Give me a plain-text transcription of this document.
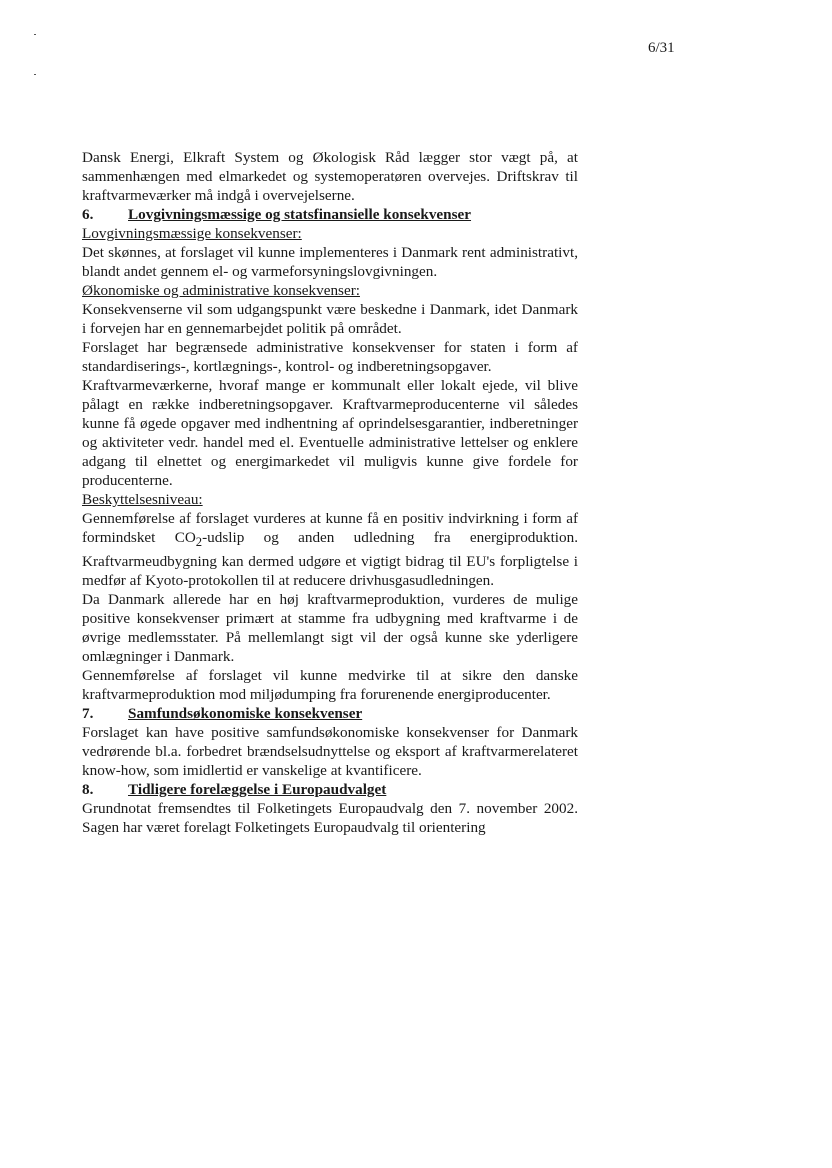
6/31

Dansk Energi, Elkraft System og Økologisk Råd lægger stor vægt på, at sammenhængen med elmarkedet og systemoperatøren overvejes. Driftskrav til kraftvarmeværker må indgå i overvejelserne.

6.	Lovgivningsmæssige og statsfinansielle konsekvenser

Lovgivningsmæssige konsekvenser:

Det skønnes, at forslaget vil kunne implementeres i Danmark rent administrativt, blandt andet gennem el- og varmeforsyningslovgivningen.

Økonomiske og administrative konsekvenser:

Konsekvenserne vil som udgangspunkt være beskedne i Danmark, idet Danmark i forvejen har en gennemarbejdet politik på området.

Forslaget har begrænsede administrative konsekvenser for staten i form af standardiserings-, kortlægnings-, kontrol- og indberetningsopgaver.

Kraftvarmeværkerne, hvoraf mange er kommunalt eller lokalt ejede, vil blive pålagt en række indberetningsopgaver. Kraftvarmeproducenterne vil således kunne få øgede opgaver med indhentning af oprindelsesgarantier, indberetninger og aktiviteter vedr. handel med el. Eventuelle administrative lettelser og enklere adgang til elnettet og energimarkedet vil muligvis kunne give fordele for producenterne.

Beskyttelsesniveau:

Gennemførelse af forslaget vurderes at kunne få en positiv indvirkning i form af formindsket $CO_2$-udslip og anden udledning fra energiproduktion. Kraftvarmeudbygning kan dermed udgøre et vigtigt bidrag til EU's forpligtelse i medfør af Kyoto-protokollen til at reducere drivhusgasudledningen.

Da Danmark allerede har en høj kraftvarmeproduktion, vurderes de mulige positive konsekvenser primært at stamme fra udbygning med kraftvarme i de øvrige medlemsstater. På mellemlangt sigt vil der også kunne ske yderligere omlægninger i Danmark.

Gennemførelse af forslaget vil kunne medvirke til at sikre den danske kraftvarmeproduktion mod miljødumping fra forurenende energiproducenter.

7.	Samfundsøkonomiske konsekvenser

Forslaget kan have positive samfundsøkonomiske konsekvenser for Danmark vedrørende bl.a. forbedret brændselsudnyttelse og eksport af kraftvarmerelateret know-how, som imidlertid er vanskelige at kvantificere.

8.	Tidligere forelæggelse i Europaudvalget

Grundnotat fremsendtes til Folketingets Europaudvalg den 7. november 2002. Sagen har været forelagt Folketingets Europaudvalg til orientering
